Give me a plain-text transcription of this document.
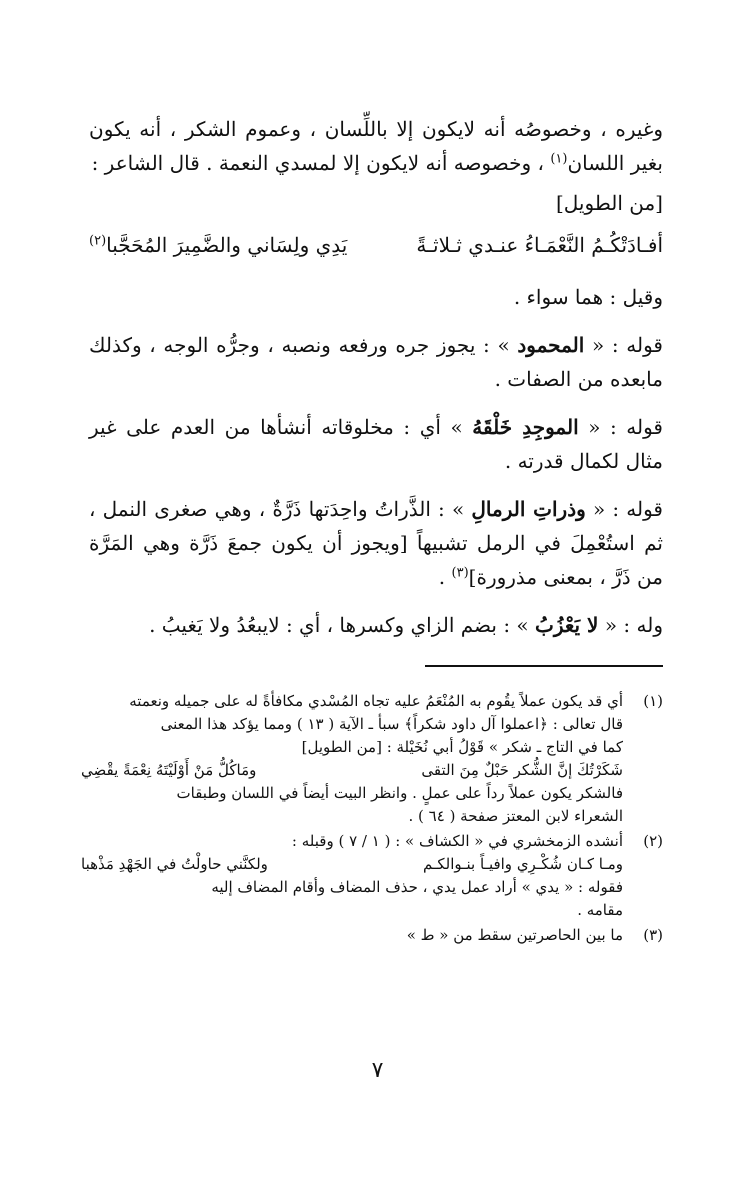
وغيره ، وخصوصُه أنه لايكون إلا باللِّسان ، وعموم الشكر ، أنه يكون بغير اللسان$^{(١)}$ ، وخصوصه أنه لايكون إلا لمسدي النعمة . قال الشاعر :

[من الطويل]
أفـادَتْكُـمُ النَّعْمَـاءُ عنـدي ثـلاثـةً
يَدِي ولِسَاني والضَّمِيرَ المُحَجَّبا$^{(٢)}$

وقيل : هما سواء .

قوله : « المحمود » : يجوز جره ورفعه ونصبه ، وجرُّه الوجه ، وكذلك مابعده من الصفات .

قوله : « الموجِدِ خَلْقَهُ » أي : مخلوقاته أنشأها من العدم على غير مثال لكمال قدرته .

قوله : « وذراتِ الرمالِ » : الذَّراتُ واحِدَتها ذَرَّةٌ ، وهي صغرى النمل ، ثم استُعْمِلَ في الرمل تشبيهاً [ويجوز أن يكون جمعَ ذَرَّة وهي المَرَّة من ذَرَّ ، بمعنى مذرورة]$^{(٣)}$ .

وله : « لا يَعْزُبُ » : بضم الزاي وكسرها ، أي : لايبعُدُ ولا يَغيبُ .

(١)
أي قد يكون عملاً يقُوم به المُنْعَمُ عليه تجاه المُسْدي مكافأةً له على جميله ونعمته
قال تعالى : ﴿اعملوا آل داود شكراً﴾ سبأ ـ الآية ( ١٣ ) ومما يؤكد هذا المعنى
كما في التاج ـ شكر » قَوْلُ أبي نُخَيْلة : [من الطويل]
شَكَرْتُكَ إنَّ الشُّكر حَبْلٌ مِنَ التقى
ومَاكُلُّ مَنْ أَوْلَيْتَهُ نِعْمَةً يقْضِي
فالشكر يكون عملاً رداً على عملٍ . وانظر البيت أيضاً في اللسان وطبقات
الشعراء لابن المعتز صفحة ( ٦٤ ) .
(٢)
أنشده الزمخشري في « الكشاف » : ( ١ / ٧ ) وقبله :
ومـا كـان شُكْـرِي وافيـاً بنـوالكـم
ولكنَّني حاولْتُ في الجَهْدِ مَذْهبا
فقوله : « يدي » أراد عمل يدي ، حذف المضاف وأقام المضاف إليه
مقامه .
(٣)
ما بين الحاصرتين سقط من « ط »
٧
